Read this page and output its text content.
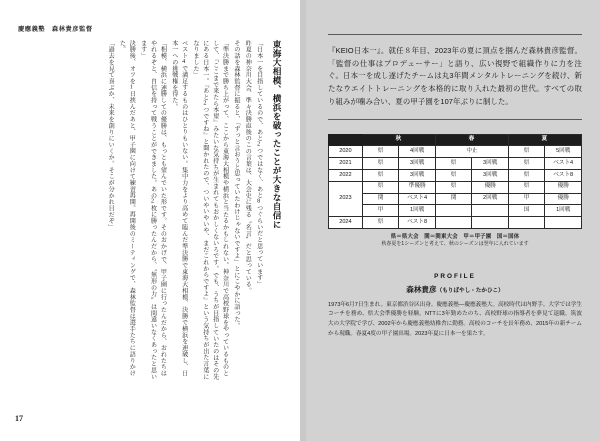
慶應義塾　森林貴彦監督
東海大相模、横浜を破ったことが大きな自信に
「日本一を目指しているので、あと2つではなく、あと8つぐらいだと思っています」
昨夏の神奈川大会、準々決勝直後のこの言葉は、大会史に残る〝名言〟だと思っている。
その話を森林監督に振ると、「ずっと言おうと思っていたわけじゃないですよ」とにこやかに語った。
「準決勝まで勝ち上がって、ここから東海大相模や横浜と当たるかもしれない。神奈川で高校野球をやっているものとして、『ここまで来たら本望』みたいな気持ちが生まれてもおかしくないろです。でも、うちが目指していたのはその先にある日本一。『あと2つですね』と聞かれたので、ついやいやいや、まだこれからですよ』という気持ちが出た言葉になりました」
ベスト4で満足するものはひとりもいない。集中力をより高めて臨んだ準決勝で東海大相模、決勝で横浜を連破し、日本一への挑戦権を得た。
「相模、横浜に連勝しての優勝は、もっとも望んでいた形です。そのおかげで、甲子園に行ったんだから、おれたちはやれるぞと、自信を持って戦うことができました。あの2枚に勝ったんだから、〝無形の力〟は間違いなくあったと思います」
決勝後、オフを1日挟んだあと、甲子園に向けて練習再開。再開後のミーティングで、森林監督は選手たちに語りかけた。
「過去を見て喜ぶか、未来を創りにいくか。そこが分かれ目だぞ」
17
『KEIO日本一』。就任８年目、2023年の夏に頂点を掴んだ森林貴彦監督。「監督の仕事はプロデューサー」と語り、広い視野で組織作りに力を注ぐ。日本一を成し遂げたチームは丸3年間メンタルトレーニングを続け、新たなウエイトトレーニングを本格的に取り入れた最初の世代。すべての取り組みが噛み合い、夏の甲子園を107年ぶりに制した。
	秋		春		夏	
2020	県	4回戦	中止		県	5回戦
2021	県	3回戦	県	3回戦	県	ベスト4
2022	県	3回戦	県	3回戦	県	ベスト8
2023	県	準優勝	県	優勝	県	優勝
	関	ベスト4	関	2回戦	甲	優勝
	甲	1回戦			国	1回戦
2024	県	ベスト8				
県＝県大会　関＝関東大会　甲＝甲子園　国＝国体
秋春夏を1シーズンと考えて、秋のシーズンは翌年に入れています
PROFILE
森林貴彦（もりばやし・たかひこ）
1973年6月7日生まれ。東京都渋谷区出身。慶應義塾—慶應義塾大。高校時代は内野手。大学では学生コーチを務め、県大会準優勝を経験。NTTに3年勤めたのち、高校野球の指導者を夢見て退職。筑波大の大学院で学び、2002年から慶應義塾幼稚舎に勤務。高校のコーチを長年務め、2015年の新チームから現職。春夏4度の甲子園出場。2023年夏に日本一を果たす。
